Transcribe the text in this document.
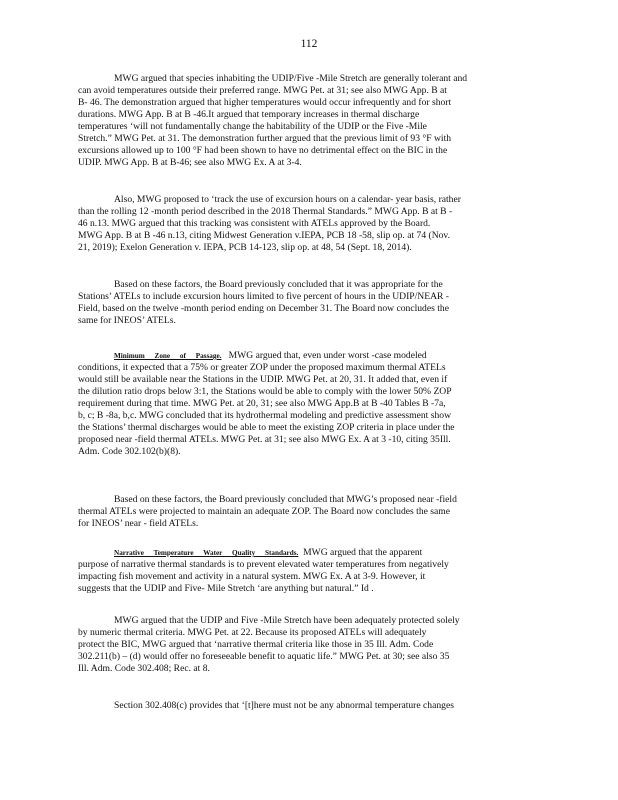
112
MWG argued that species inhabiting the UDIP/Five -Mile Stretch are generally tolerant and
can avoid temperatures outside their preferred range. MWG Pet. at 31; see also MWG App. B at
B- 46. The demonstration argued that higher temperatures would occur infrequently and for short
durations. MWG App. B at B -46.It argued that temporary increases in thermal discharge
temperatures ‘will not fundamentally change the habitability of the UDIP or the Five -Mile
Stretch.” MWG Pet. at 31. The demonstration further argued that the previous limit of 93 °F with
excursions allowed up to 100 °F had been shown to have no detrimental effect on the BIC in the
UDIP. MWG App. B at B-46; see also MWG Ex. A at 3-4.
Also, MWG proposed to ‘track the use of excursion hours on a calendar- year basis, rather
than the rolling 12 -month period described in the 2018 Thermal Standards.” MWG App. B at B -
46 n.13. MWG argued that this tracking was consistent with ATELs approved by the Board.
MWG App. B at B -46 n.13, citing Midwest Generation v.IEPA, PCB 18 -58, slip op. at 74 (Nov.
21, 2019); Exelon Generation v. IEPA, PCB 14-123, slip op. at 48, 54 (Sept. 18, 2014).
Based on these factors, the Board previously concluded that it was appropriate for the
Stations’ ATELs to include excursion hours limited to five percent of hours in the UDIP/NEAR -
Field, based on the twelve -month period ending on December 31. The Board now concludes the
same for INEOS’ ATELs.
Minimum Zone of Passage. MWG argued that, even under worst -case modeled
conditions, it expected that a 75% or greater ZOP under the proposed maximum thermal ATELs
would still be available near the Stations in the UDIP. MWG Pet. at 20, 31. It added that, even if
the dilution ratio drops below 3:1, the Stations would be able to comply with the lower 50% ZOP
requirement during that time. MWG Pet. at 20, 31; see also MWG App.B at B -40 Tables B -7a,
b, c; B -8a, b,c. MWG concluded that its hydrothermal modeling and predictive assessment show
the Stations’ thermal discharges would be able to meet the existing ZOP criteria in place under the
proposed near -field thermal ATELs. MWG Pet. at 31; see also MWG Ex. A at 3 -10, citing 35Ill.
Adm. Code 302.102(b)(8).
Based on these factors, the Board previously concluded that MWG’s proposed near -field
thermal ATELs were projected to maintain an adequate ZOP. The Board now concludes the same
for INEOS’ near - field ATELs.
Narrative Temperature Water Quality Standards. MWG argued that the apparent
purpose of narrative thermal standards is to prevent elevated water temperatures from negatively
impacting fish movement and activity in a natural system. MWG Ex. A at 3-9. However, it
suggests that the UDIP and Five- Mile Stretch ‘are anything but natural.” Id .
MWG argued that the UDIP and Five -Mile Stretch have been adequately protected solely
by numeric thermal criteria. MWG Pet. at 22. Because its proposed ATELs will adequately
protect the BIC, MWG argued that ‘narrative thermal criteria like those in 35 Ill. Adm. Code
302.211(b) – (d) would offer no foreseeable benefit to aquatic life.” MWG Pet. at 30; see also 35
Ill. Adm. Code 302.408; Rec. at 8.
Section 302.408(c) provides that ‘[t]here must not be any abnormal temperature changes
